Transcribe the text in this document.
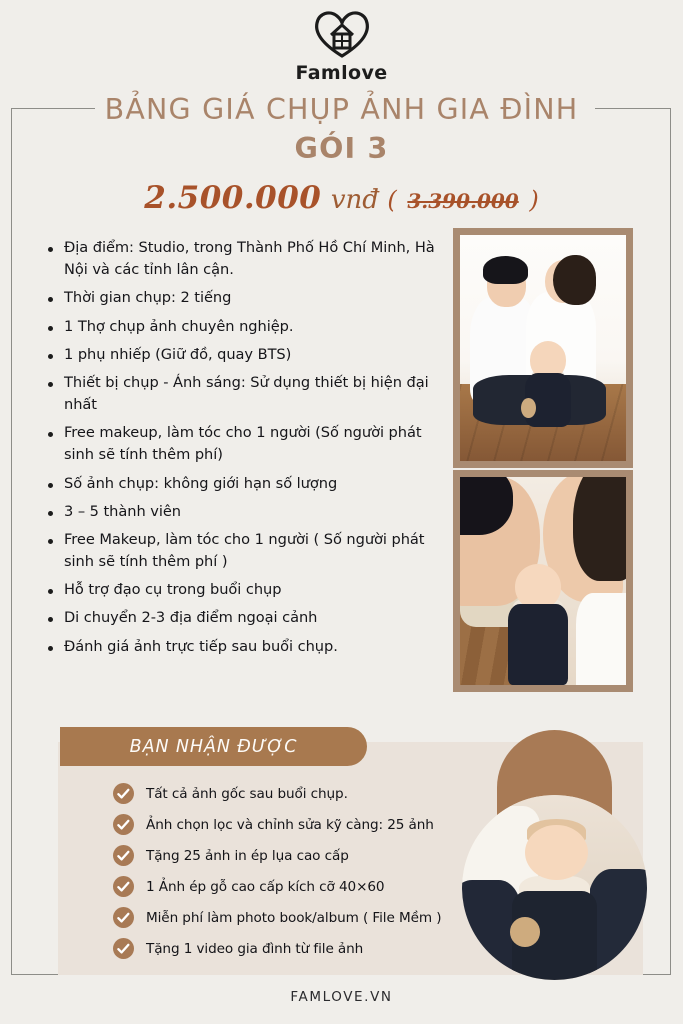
Famlove
BẢNG GIÁ CHỤP ẢNH GIA ĐÌNH
GÓI 3
2.500.000 vnđ ( 3.390.000 )
Địa điểm: Studio, trong Thành Phố Hồ Chí Minh, Hà Nội và các tỉnh lân cận.
Thời gian chụp: 2 tiếng
1 Thợ chụp ảnh chuyên nghiệp.
1 phụ nhiếp (Giữ đồ, quay BTS)
Thiết bị chụp - Ánh sáng: Sử dụng thiết bị hiện đại nhất
Free makeup, làm tóc cho 1 người (Số người phát sinh sẽ tính thêm phí)
Số ảnh chụp: không giới hạn số lượng
3 – 5 thành viên
Free Makeup, làm tóc cho 1 người ( Số người phát sinh sẽ tính thêm phí )
Hỗ trợ đạo cụ trong buổi chụp
Di chuyển 2-3 địa điểm ngoại cảnh
Đánh giá ảnh trực tiếp sau buổi chụp.
BẠN NHẬN ĐƯỢC
Tất cả ảnh gốc sau buổi chụp.
Ảnh chọn lọc và chỉnh sửa kỹ càng: 25 ảnh
Tặng 25 ảnh in ép lụa cao cấp
1 Ảnh ép gỗ cao cấp kích cỡ 40×60
Miễn phí làm photo book/album ( File Mềm )
Tặng 1 video gia đình từ file ảnh
FAMLOVE.VN
